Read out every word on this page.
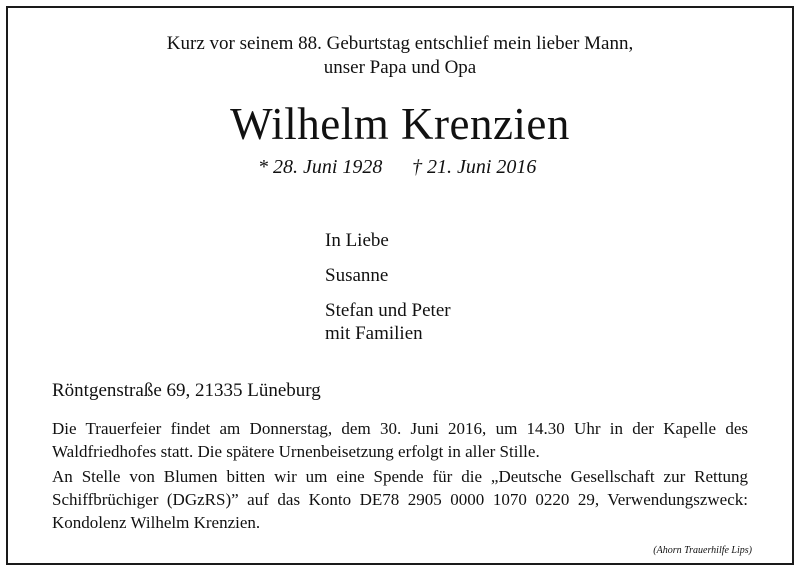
Kurz vor seinem 88. Geburtstag entschlief mein lieber Mann,
unser Papa und Opa
Wilhelm Krenzien
* 28. Juni 1928 † 21. Juni 2016
In Liebe
Susanne
Stefan und Peter
mit Familien
Röntgenstraße 69, 21335 Lüneburg
Die Trauerfeier findet am Donnerstag, dem 30. Juni 2016, um 14.30 Uhr in der Kapelle des Waldfriedhofes statt. Die spätere Urnenbeisetzung erfolgt in aller Stille.
An Stelle von Blumen bitten wir um eine Spende für die „Deutsche Gesellschaft zur Rettung Schiffbrüchiger (DGzRS)” auf das Konto DE78 2905 0000 1070 0220 29, Verwendungszweck: Kondolenz Wilhelm Krenzien.
(Ahorn Trauerhilfe Lips)
